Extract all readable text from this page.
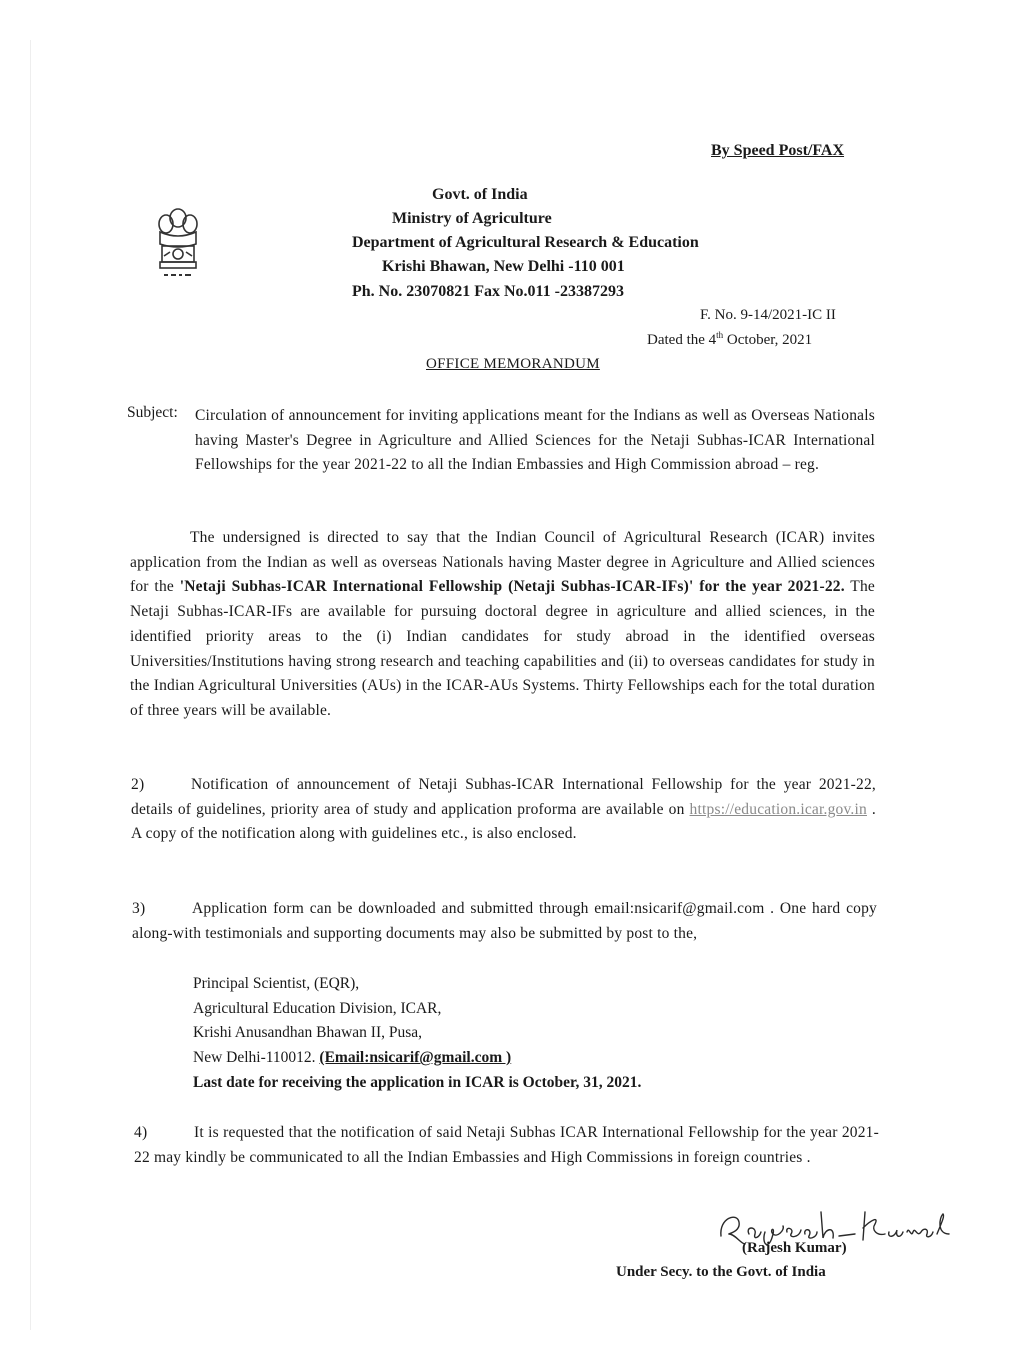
By Speed Post/FAX
Govt. of India
Ministry of Agriculture
Department of Agricultural Research & Education
Krishi Bhawan, New Delhi -110 001
Ph. No. 23070821 Fax No.011 -23387293
F. No. 9-14/2021-IC II
Dated the 4th October, 2021
OFFICE MEMORANDUM
Subject: Circulation of announcement for inviting applications meant for the Indians as well as Overseas Nationals having Master's Degree in Agriculture and Allied Sciences for the Netaji Subhas-ICAR International Fellowships for the year 2021-22 to all the Indian Embassies and High Commission abroad – reg.
The undersigned is directed to say that the Indian Council of Agricultural Research (ICAR) invites application from the Indian as well as overseas Nationals having Master degree in Agriculture and Allied sciences for the 'Netaji Subhas-ICAR International Fellowship (Netaji Subhas-ICAR-IFs)' for the year 2021-22. The Netaji Subhas-ICAR-IFs are available for pursuing doctoral degree in agriculture and allied sciences, in the identified priority areas to the (i) Indian candidates for study abroad in the identified overseas Universities/Institutions having strong research and teaching capabilities and (ii) to overseas candidates for study in the Indian Agricultural Universities (AUs) in the ICAR-AUs Systems. Thirty Fellowships each for the total duration of three years will be available.
2)	Notification of announcement of Netaji Subhas-ICAR International Fellowship for the year 2021-22, details of guidelines, priority area of study and application proforma are available on https://education.icar.gov.in . A copy of the notification along with guidelines etc., is also enclosed.
3)	Application form can be downloaded and submitted through email:nsicarif@gmail.com . One hard copy along-with testimonials and supporting documents may also be submitted by post to the,
Principal Scientist, (EQR),
Agricultural Education Division, ICAR,
Krishi Anusandhan Bhawan II, Pusa,
New Delhi-110012. (Email:nsicarif@gmail.com )
Last date for receiving the application in ICAR is October, 31, 2021.
4)	It is requested that the notification of said Netaji Subhas ICAR International Fellowship for the year 2021-22 may kindly be communicated to all the Indian Embassies and High Commissions in foreign countries .
(Rajesh Kumar)
Under Secy. to the Govt. of India
